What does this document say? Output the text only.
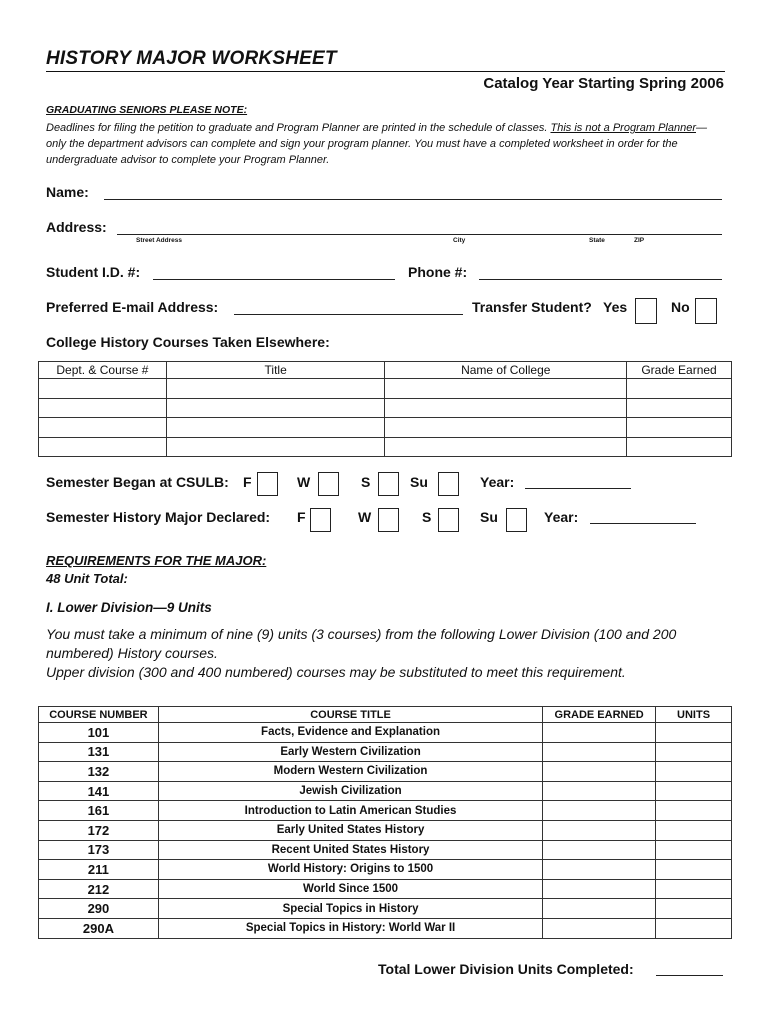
HISTORY MAJOR WORKSHEET
Catalog Year Starting Spring 2006
GRADUATING SENIORS PLEASE NOTE:
Deadlines for filing the petition to graduate and Program Planner are printed in the schedule of classes. This is not a Program Planner—only the department advisors can complete and sign your program planner. You must have a completed worksheet in order for the undergraduate advisor to complete your Program Planner.
Name:
Address:
Street Address	City	State	ZIP
Student I.D. #:	Phone #:
Preferred E-mail Address:	Transfer Student? Yes	No
College History Courses Taken Elsewhere:
Dept. & Course #	Title	Name of College	Grade Earned

Semester Began at CSULB: F	W	S	Su	Year:
Semester History Major Declared: F	W	S	Su	Year:
REQUIREMENTS FOR THE MAJOR:
48 Unit Total:
I. Lower Division—9 Units
You must take a minimum of nine (9) units (3 courses) from the following Lower Division (100 and 200 numbered) History courses.
Upper division (300 and 400 numbered) courses may be substituted to meet this requirement.
COURSE NUMBER	COURSE TITLE	GRADE EARNED	UNITS
101	Facts, Evidence and Explanation		
131	Early Western Civilization		
132	Modern Western Civilization		
141	Jewish Civilization		
161	Introduction to Latin American Studies		
172	Early United States History		
173	Recent United States History		
211	World History: Origins to 1500		
212	World Since 1500		
290	Special Topics in History		
290A	Special Topics in History: World War II		
Total Lower Division Units Completed:
